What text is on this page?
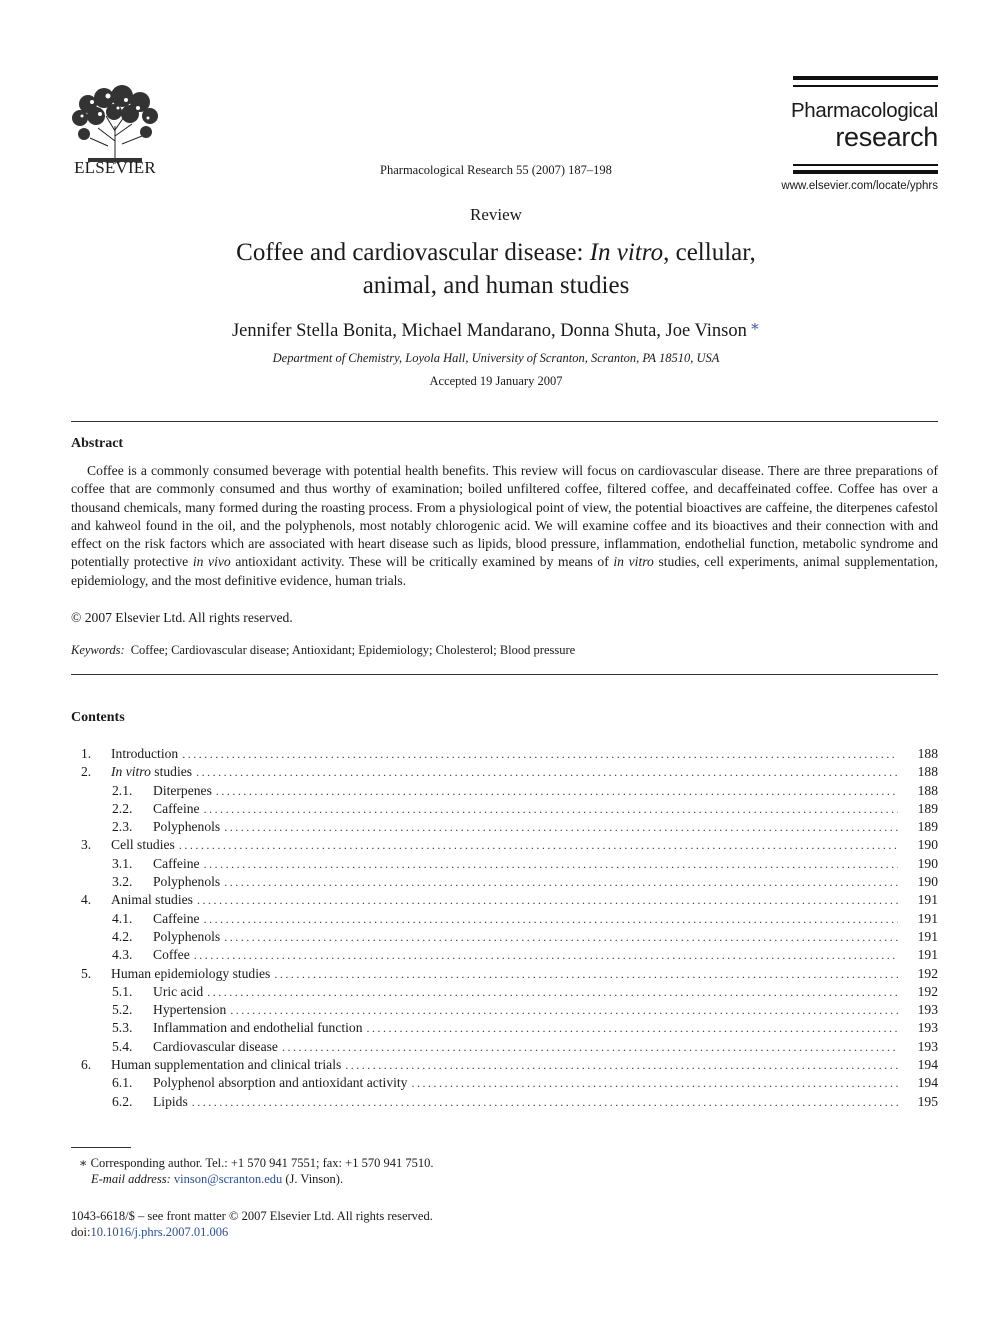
ELSEVIER	Pharmacological Research 55 (2007) 187–198
Pharmacological
research
www.elsevier.com/locate/yphrs
Review
Coffee and cardiovascular disease: In vitro, cellular,
animal, and human studies
Jennifer Stella Bonita, Michael Mandarano, Donna Shuta, Joe Vinson ∗
Department of Chemistry, Loyola Hall, University of Scranton, Scranton, PA 18510, USA
Accepted 19 January 2007
Abstract

Coffee is a commonly consumed beverage with potential health benefits. This review will focus on cardiovascular disease. There are three preparations of coffee that are commonly consumed and thus worthy of examination; boiled unfiltered coffee, filtered coffee, and decaffeinated coffee. Coffee has over a thousand chemicals, many formed during the roasting process. From a physiological point of view, the potential bioactives are caffeine, the diterpenes cafestol and kahweol found in the oil, and the polyphenols, most notably chlorogenic acid. We will examine coffee and its bioactives and their connection with and effect on the risk factors which are associated with heart disease such as lipids, blood pressure, inflammation, endothelial function, metabolic syndrome and potentially protective in vivo antioxidant activity. These will be critically examined by means of in vitro studies, cell experiments, animal supplementation, epidemiology, and the most definitive evidence, human trials.

© 2007 Elsevier Ltd. All rights reserved.
Keywords: Coffee; Cardiovascular disease; Antioxidant; Epidemiology; Cholesterol; Blood pressure
Contents
1. Introduction . . .	188
2. In vitro studies . . .	188
2.1. Diterpenes . . .	188
2.2. Caffeine . . .	189
2.3. Polyphenols . . .	189
3. Cell studies . . .	190
3.1. Caffeine . . .	190
3.2. Polyphenols . . .	190
4. Animal studies . . .	191
4.1. Caffeine . . .	191
4.2. Polyphenols . . .	191
4.3. Coffee . . .	191
5. Human epidemiology studies . . .	192
5.1. Uric acid . . .	192
5.2. Hypertension . . .	193
5.3. Inflammation and endothelial function . . .	193
5.4. Cardiovascular disease . . .	193
6. Human supplementation and clinical trials . . .	194
6.1. Polyphenol absorption and antioxidant activity . . .	194
6.2. Lipids . . .	195
∗ Corresponding author. Tel.: +1 570 941 7551; fax: +1 570 941 7510.
E-mail address: vinson@scranton.edu (J. Vinson).
1043-6618/$ – see front matter © 2007 Elsevier Ltd. All rights reserved.
doi:10.1016/j.phrs.2007.01.006
